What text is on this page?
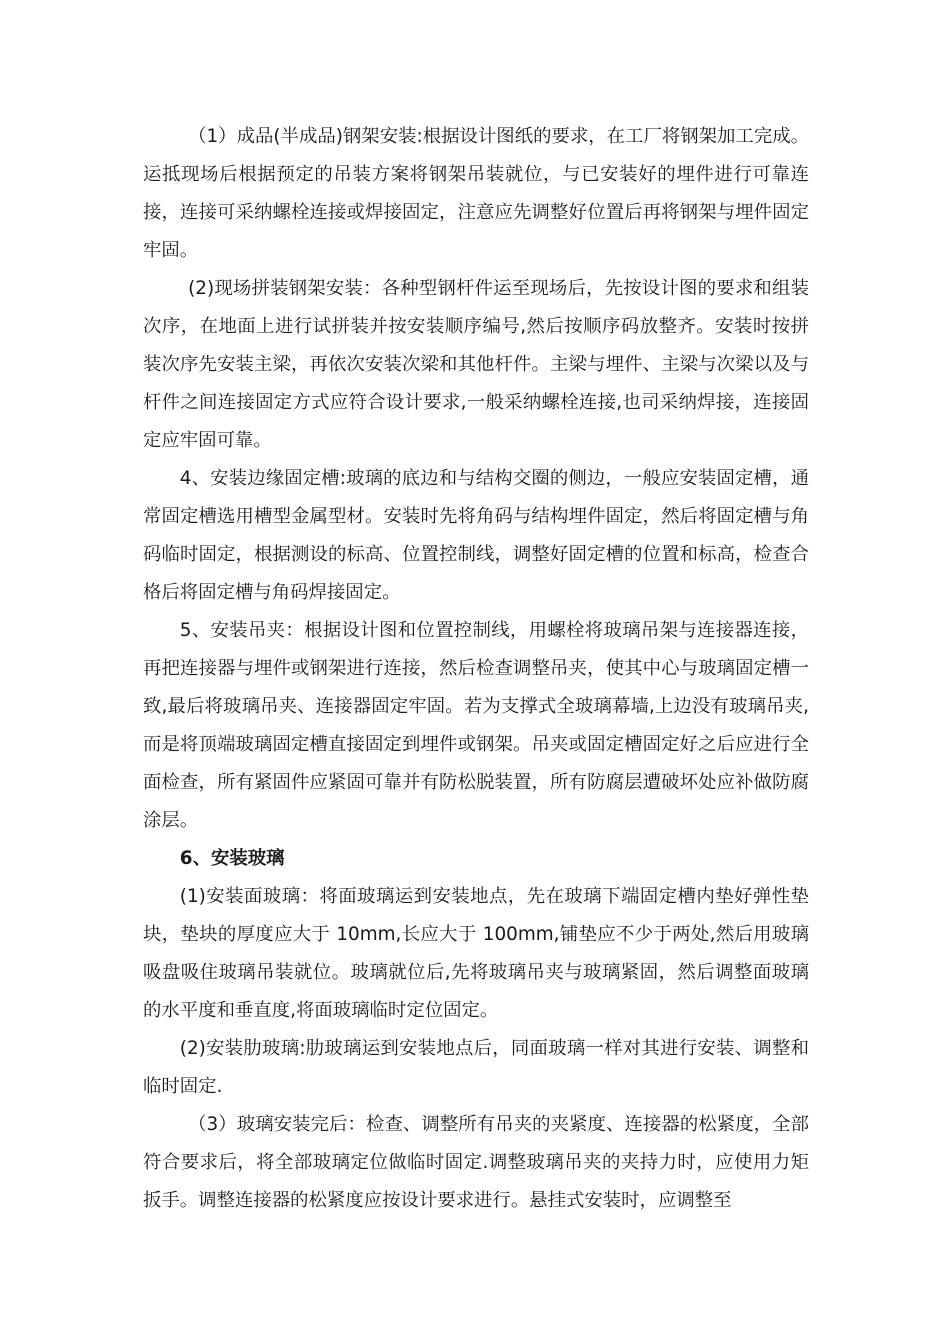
（1）成品(半成品)钢架安装:根据设计图纸的要求，在工厂将钢架加工完成。运抵现场后根据预定的吊装方案将钢架吊装就位，与已安装好的埋件进行可靠连接，连接可采纳螺栓连接或焊接固定，注意应先调整好位置后再将钢架与埋件固定牢固。

(2)现场拼装钢架安装：各种型钢杆件运至现场后，先按设计图的要求和组装次序，在地面上进行试拼装并按安装顺序编号,然后按顺序码放整齐。安装时按拼装次序先安装主梁，再依次安装次梁和其他杆件。主梁与埋件、主梁与次梁以及与杆件之间连接固定方式应符合设计要求,一般采纳螺栓连接,也司采纳焊接，连接固定应牢固可靠。

4、安装边缘固定槽:玻璃的底边和与结构交圈的侧边，一般应安装固定槽，通常固定槽选用槽型金属型材。安装时先将角码与结构埋件固定，然后将固定槽与角码临时固定，根据测设的标高、位置控制线，调整好固定槽的位置和标高，检查合格后将固定槽与角码焊接固定。

5、安装吊夹：根据设计图和位置控制线，用螺栓将玻璃吊架与连接器连接，再把连接器与埋件或钢架进行连接，然后检查调整吊夹，使其中心与玻璃固定槽一致,最后将玻璃吊夹、连接器固定牢固。若为支撑式全玻璃幕墙,上边没有玻璃吊夹,而是将顶端玻璃固定槽直接固定到埋件或钢架。吊夹或固定槽固定好之后应进行全面检查，所有紧固件应紧固可靠并有防松脱装置，所有防腐层遭破坏处应补做防腐涂层。

6、安装玻璃

(1)安装面玻璃：将面玻璃运到安装地点，先在玻璃下端固定槽内垫好弹性垫块，垫块的厚度应大于 10mm,长应大于 100mm,铺垫应不少于两处,然后用玻璃吸盘吸住玻璃吊装就位。玻璃就位后,先将玻璃吊夹与玻璃紧固，然后调整面玻璃的水平度和垂直度,将面玻璃临时定位固定。

(2)安装肋玻璃:肋玻璃运到安装地点后，同面玻璃一样对其进行安装、调整和临时固定.

（3）玻璃安装完后：检查、调整所有吊夹的夹紧度、连接器的松紧度，全部符合要求后，将全部玻璃定位做临时固定.调整玻璃吊夹的夹持力时，应使用力矩扳手。调整连接器的松紧度应按设计要求进行。悬挂式安装时，应调整至
